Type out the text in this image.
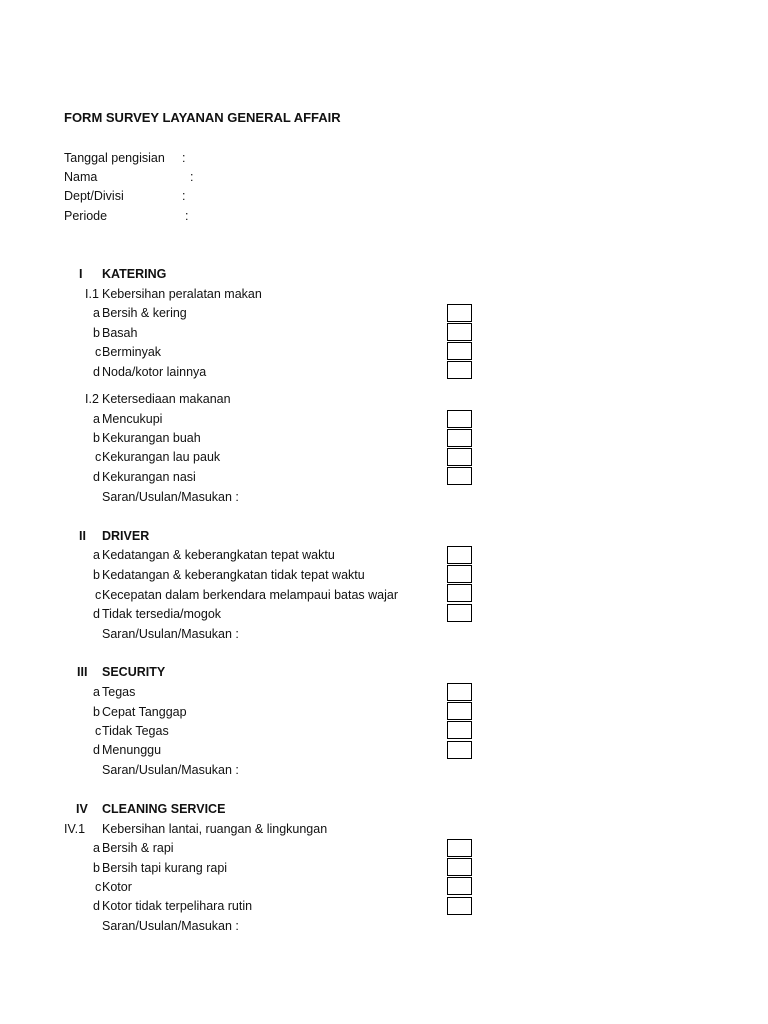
FORM SURVEY LAYANAN GENERAL AFFAIR
Tanggal pengisian :
Nama	:
Dept/Divisi	:
Periode	:
I KATERING
I.1 Kebersihan peralatan makan
a Bersih & kering
b Basah
c Berminyak
d Noda/kotor lainnya
I.2 Ketersediaan makanan
a Mencukupi
b Kekurangan buah
c Kekurangan lau pauk
d Kekurangan nasi
Saran/Usulan/Masukan :
II DRIVER
a Kedatangan & keberangkatan tepat waktu
b Kedatangan & keberangkatan tidak tepat waktu
c Kecepatan dalam berkendara melampaui batas wajar
d Tidak tersedia/mogok
Saran/Usulan/Masukan :
III SECURITY
a Tegas
b Cepat Tanggap
c Tidak Tegas
d Menunggu
Saran/Usulan/Masukan :
IV CLEANING SERVICE
IV.1 Kebersihan lantai, ruangan & lingkungan
a Bersih & rapi
b Bersih tapi kurang rapi
c Kotor
d Kotor tidak terpelihara rutin
Saran/Usulan/Masukan :
